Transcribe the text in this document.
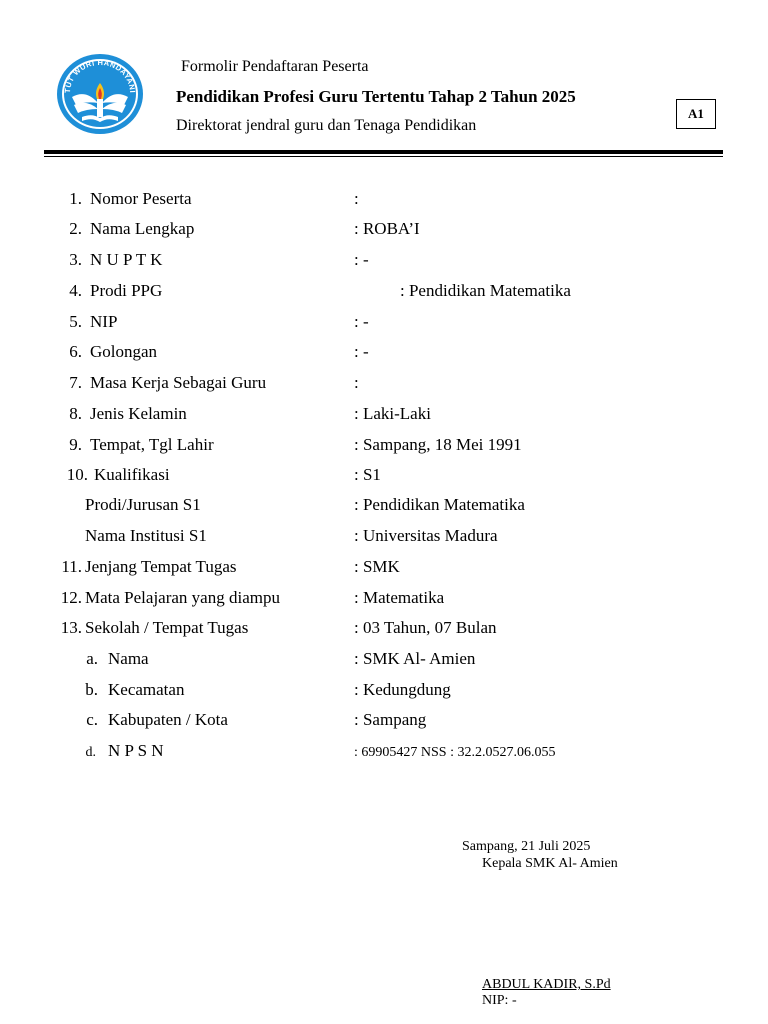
TUT WURI HANDAYANI
Formolir Pendaftaran Peserta
Pendidikan Profesi Guru Tertentu Tahap 2 Tahun 2025
Direktorat jendral guru dan Tenaga Pendidikan
A1
1. Nomor Peserta	:
2. Nama Lengkap	: ROBA’I
3. N U P T K	: -
4. Prodi PPG	: Pendidikan Matematika
5. NIP	: -
6. Golongan	: -
7. Masa Kerja Sebagai Guru	:
8. Jenis Kelamin	: Laki-Laki
9. Tempat, Tgl Lahir	: Sampang, 18 Mei 1991
10. Kualifikasi	: S1
Prodi/Jurusan S1	: Pendidikan Matematika
Nama Institusi S1	: Universitas Madura
11. Jenjang Tempat Tugas	: SMK
12. Mata Pelajaran yang diampu	: Matematika
13. Sekolah / Tempat Tugas	: 03 Tahun, 07 Bulan
a. Nama	: SMK Al- Amien
b. Kecamatan	: Kedungdung
c. Kabupaten / Kota	: Sampang
d. N P S N	: 69905427 NSS : 32.2.0527.06.055
Sampang, 21 Juli 2025
Kepala SMK Al- Amien
ABDUL KADIR, S.Pd
NIP: -
